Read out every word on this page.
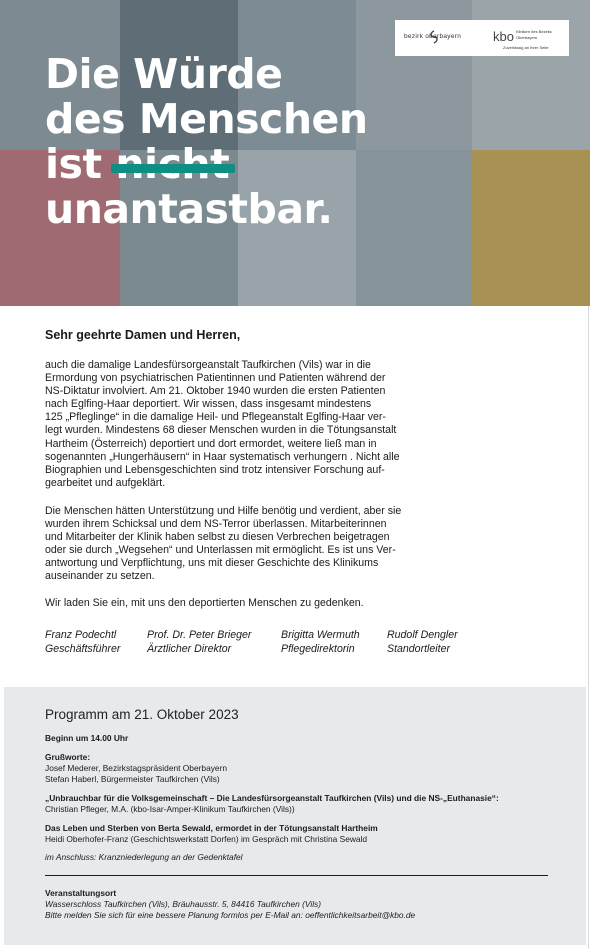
Die Würde
des Menschen
ist
unantastbar.
bezirk oberbayern kbo Kliniken des Bezirks
Oberbayern
Zuverlässig an Ihrer Seite
Sehr geehrte Damen und Herren,
auch die damalige Landesfürsorgeanstalt Taufkirchen (Vils) war in die
Ermordung von psychiatrischen Patientinnen und Patienten während der
NS-Diktatur involviert. Am 21. Oktober 1940 wurden die ersten Patienten
nach Eglfing-Haar deportiert. Wir wissen, dass insgesamt mindestens
125 „Pfleglinge“ in die damalige Heil- und Pflegeanstalt Eglfing-Haar ver-
legt wurden. Mindestens 68 dieser Menschen wurden in die Tötungsanstalt
Hartheim (Österreich) deportiert und dort ermordet, weitere ließ man in
sogenannten „Hungerhäusern“ in Haar systematisch verhungern . Nicht alle
Biographien und Lebensgeschichten sind trotz intensiver Forschung auf-
gearbeitet und aufgeklärt.
Die Menschen hätten Unterstützung und Hilfe benötig und verdient, aber sie
wurden ihrem Schicksal und dem NS-Terror überlassen. Mitarbeiterinnen
und Mitarbeiter der Klinik haben selbst zu diesen Verbrechen beigetragen
oder sie durch „Wegsehen“ und Unterlassen mit ermöglicht. Es ist uns Ver-
antwortung und Verpflichtung, uns mit dieser Geschichte des Klinikums
auseinander zu setzen.
Wir laden Sie ein, mit uns den deportierten Menschen zu gedenken.
Franz Podechtl
Geschäftsführer
Prof. Dr. Peter Brieger
Ärztlicher Direktor
Brigitta Wermuth
Pflegedirektorin
Rudolf Dengler
Standortleiter
Programm am 21. Oktober 2023
Beginn um 14.00 Uhr
Grußworte:
Josef Mederer, Bezirkstagspräsident Oberbayern
Stefan Haberl, Bürgermeister Taufkirchen (Vils)
„Unbrauchbar für die Volksgemeinschaft – Die Landesfürsorgeanstalt Taufkirchen (Vils) und die NS-„Euthanasie“:
Christian Pfleger, M.A. (kbo-Isar-Amper-Klinikum Taufkirchen (Vils))
Das Leben und Sterben von Berta Sewald, ermordet in der Tötungsanstalt Hartheim
Heidi Oberhofer-Franz (Geschichtswerkstatt Dorfen) im Gespräch mit Christina Sewald
im Anschluss: Kranzniederlegung an der Gedenktafel
Veranstaltungsort
Wasserschloss Taufkirchen (Vils), Bräuhausstr. 5, 84416 Taufkirchen (Vils)
Bitte melden Sie sich für eine bessere Planung formlos per E-Mail an: oeffentlichkeitsarbeit@kbo.de
